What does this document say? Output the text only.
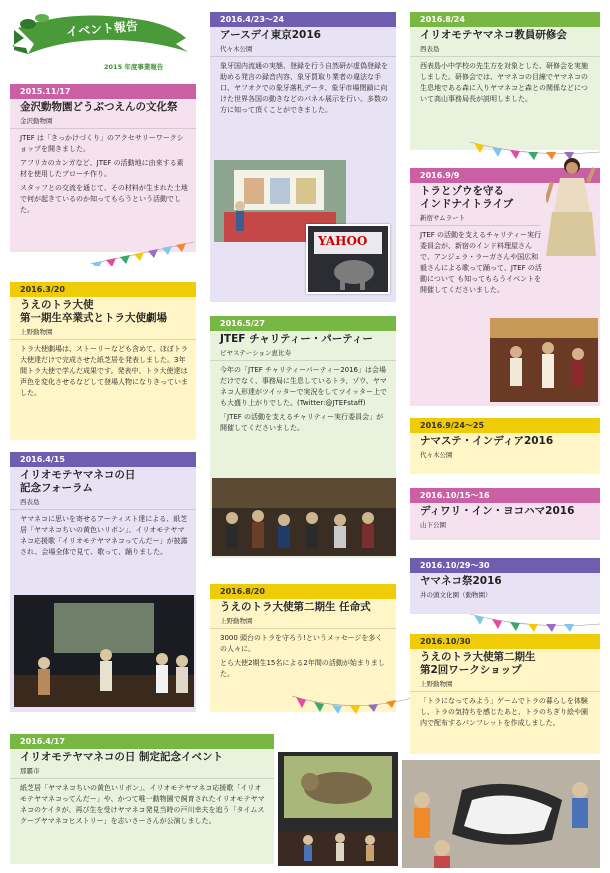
イベント報告
2015 年度事業報告
2015.11/17
金沢動物園どうぶつえんの文化祭
金沢動物園

JTEF は「きっかけづくり」のアクセサリーワークショップを開きました。

アフリカのカンガなど、JTEF の活動地に由来する素材を使用したブローチ作り。

スタッフとの交流を通じて、その材料が生まれた土地で何が起きているのか知ってもらうという活動でした。

2016.3/20
うえのトラ大使
第一期生卒業式とトラ大使劇場
上野動物園

トラ大使劇場は、ストーリーなども含めて、ほぼトラ大使達だけで完成させた紙芝居を発表しました。3年間トラ大使で学んだ成果です。発表中、トラ大使達は声色を変化させるなどして登場人物になりきっていました。

2016.4/15
イリオモテヤマネコの日
記念フォーラム
西表島

ヤマネコに思いを寄せるアーティスト達による、紙芝居「ヤマネコちいの黄色いリボン」、イリオモテヤマネコ応援歌「イリオモテヤマネコってんだー」が披露され、会場全体で見て、歌って、踊りました。

2016.4/17
イリオモテヤマネコの日 制定記念イベント
那覇市

紙芝居「ヤマネコちいの黄色いリボン」、イリオモテヤマネコ応援歌「イリオモテヤマネコってんだー」や、かつて唯一動物園で飼育されたイリオモテヤマネコのケイタが、再び生を受けヤマネコ発見当時の戸川幸夫を追う「タイムスクープヤマネコヒストリー」を志いさーさんが公演しました。

2016.4/23〜24
アースデイ東京2016
代々木公園

象牙国内流通の実態、登録を行う自然研が虚偽登録を助める発言の録音内容、象牙買取り業者の違法な手口、ヤフオクでの象牙落札データ、象牙市場閉鎖に向けた世界各国の動きなどのパネル展示を行い、多数の方に知って頂くことができました。

YAHOO
2016.5/27
JTEF チャリティー・パーティー
ビヤステーション恵比寿

今年の「JTEF チャリティーパーティー2016」は会場だけでなく、事務局に生息しているトラ、ゾウ、ヤマネコ人形達がツイッターで実況をしてツイッター上でも大盛り上がりでした。(Twitter:@JTEFstaff)

「JTEF の活動を支えるチャリティー実行委員会」が開催してくださいました。

2016.8/20
うえのトラ大使第二期生 任命式
上野動物園

3000 頭台のトラを守ろう!というメッセージを多くの人々に。

とら大使2期生15名による2年間の活動が始まりました。

2016.8/24
イリオモテヤマネコ教員研修会
西表島

西表島小中学校の先生方を対象とした、研修会を実施しました。研修会では、ヤマネコの目線でヤマネコの生息地である森に入りヤマネコと森との関係などについて高山事務局長が説明しました。

2016.9/9
トラとゾウを守る
インドナイトライブ
新宿サムラート

JTEF の活動を支えるチャリティー実行委員会が、新宿のインド料理屋さんで、アンジェラ・ラーガさんや国広和毅さんによる歌って踊って、JTEF の活動について も知ってもらうイベントを開催してくださいました。

2016.9/24〜25
ナマステ・インディア2016
代々木公園
2016.10/15〜16
ディワリ・イン・ヨコハマ2016
山下公園
2016.10/29〜30
ヤマネコ祭2016
井の頭文化園（動物園）
2016.10/30
うえのトラ大使第二期生
第2回ワークショップ
上野動物園

「トラになってみよう」ゲームでトラの暮らしを体験し、トラの気持ちを感じたあと、トラのちぎり絵や園内で配布するパンフレットを作成しました。
